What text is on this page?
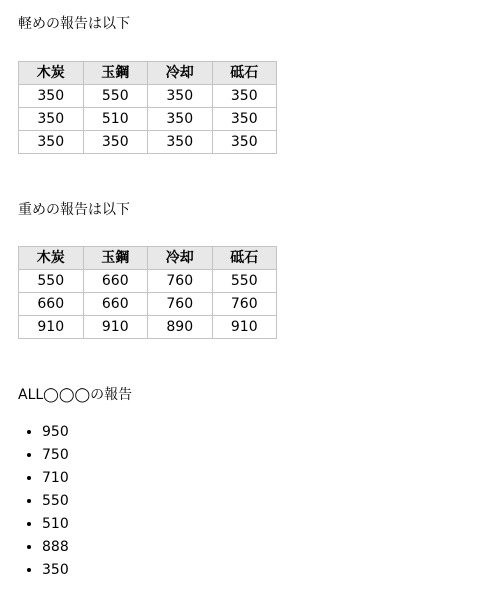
軽めの報告は以下
木炭	玉鋼	冷却	砥石
350	550	350	350
350	510	350	350
350	350	350	350
重めの報告は以下
木炭	玉鋼	冷却	砥石
550	660	760	550
660	660	760	760
910	910	890	910
ALL◯◯◯の報告
• 950
• 750
• 710
• 550
• 510
• 888
• 350
